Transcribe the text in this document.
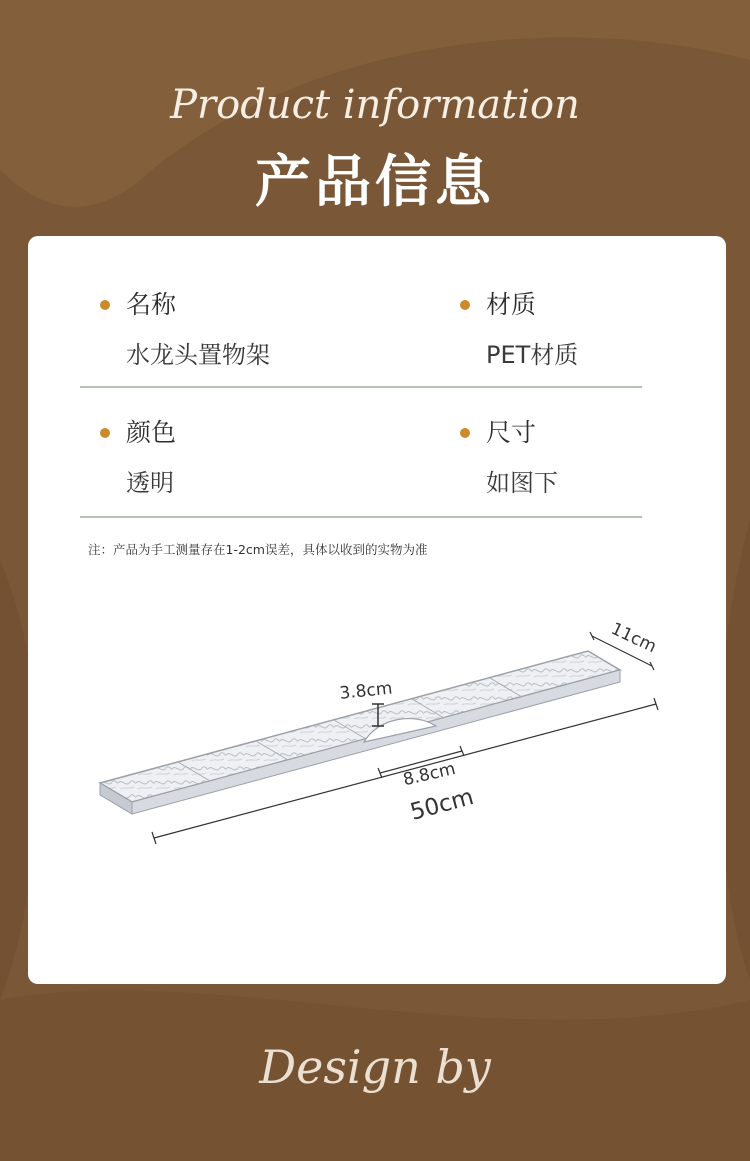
Product information
产品信息
名称
水龙头置物架
材质
PET材质
颜色
透明
尺寸
如图下
注：产品为手工测量存在1-2cm误差，具体以收到的实物为准
11cm
3.8cm
8.8cm
50cm
Design by
